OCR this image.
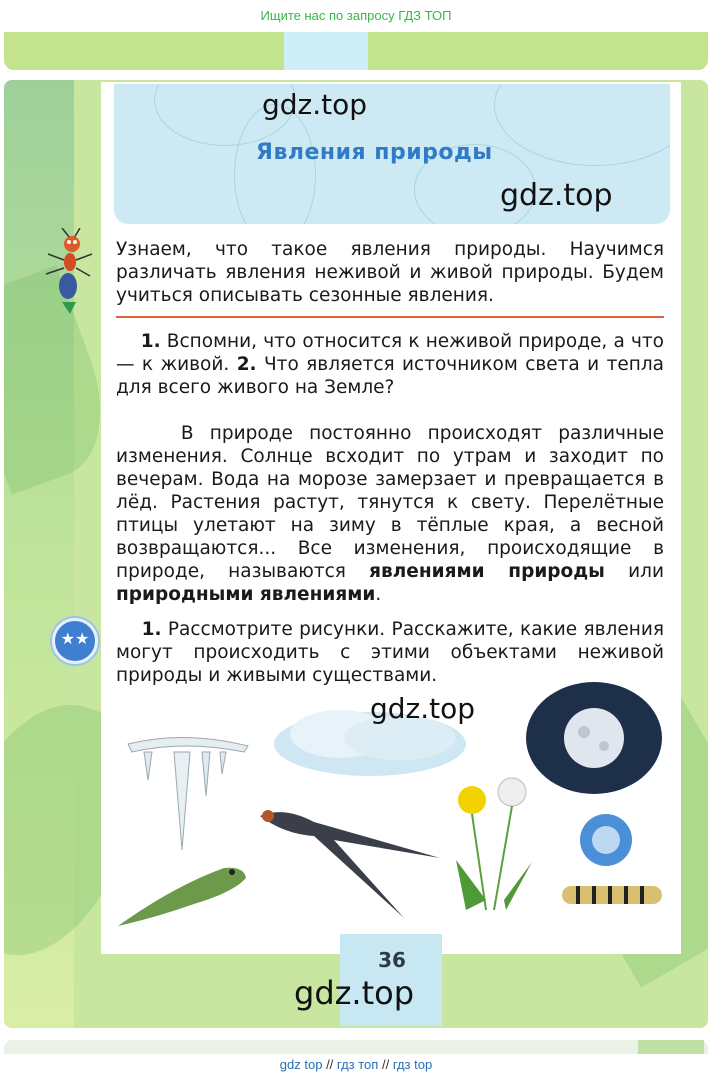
Ищите нас по запросу ГДЗ ТОП
Явления природы
gdz.top
gdz.top
Узнаем, что такое явления природы. Научимся различать явления неживой и живой природы. Будем учиться описывать сезонные явления.
1. Вспомни, что относится к неживой природе, а что — к живой. 2. Что является источником света и тепла для всего живого на Земле?
В природе постоянно происходят различные изменения. Солнце всходит по утрам и заходит по вечерам. Вода на морозе замерзает и превращается в лёд. Растения растут, тянутся к свету. Перелётные птицы улетают на зиму в тёплые края, а весной возвращаются... Все изменения, происходящие в природе, называются явлениями природы или природными явлениями.
★★	1. Рассмотрите рисунки. Расскажите, какие явления могут происходить с этими объектами неживой природы и живыми существами.
gdz.top
36
gdz.top
gdz top // гдз топ // гдз top
